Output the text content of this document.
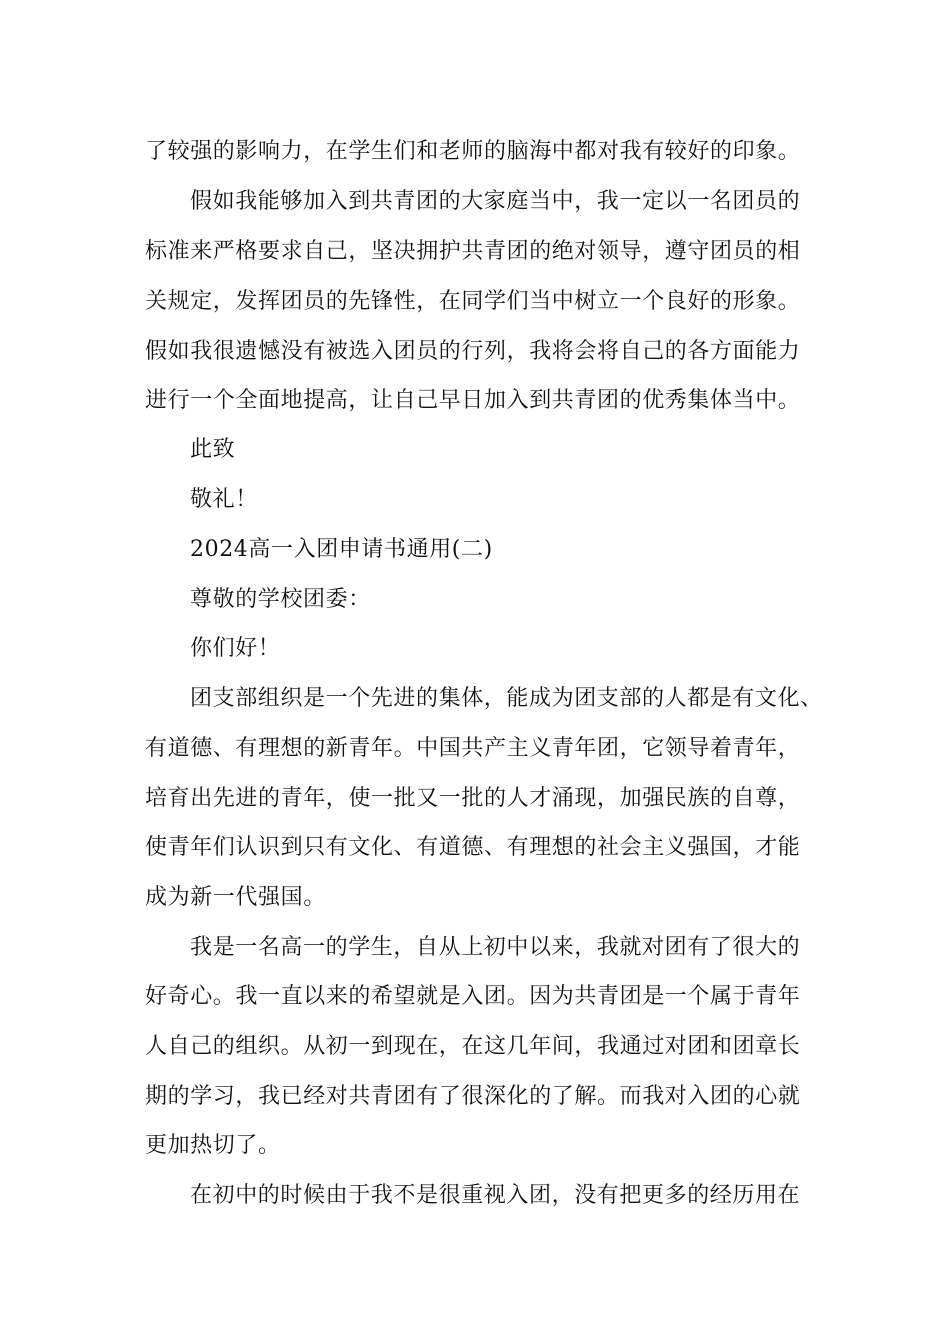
了较强的影响力，在学生们和老师的脑海中都对我有较好的印象。
假如我能够加入到共青团的大家庭当中，我一定以一名团员的
标准来严格要求自己，坚决拥护共青团的绝对领导，遵守团员的相
关规定，发挥团员的先锋性，在同学们当中树立一个良好的形象。
假如我很遗憾没有被选入团员的行列，我将会将自己的各方面能力
进行一个全面地提高，让自己早日加入到共青团的优秀集体当中。
此致
敬礼！
2024高一入团申请书通用(二)
尊敬的学校团委：
你们好！
团支部组织是一个先进的集体，能成为团支部的人都是有文化、
有道德、有理想的新青年。中国共产主义青年团，它领导着青年，
培育出先进的青年，使一批又一批的人才涌现，加强民族的自尊，
使青年们认识到只有文化、有道德、有理想的社会主义强国，才能
成为新一代强国。
我是一名高一的学生，自从上初中以来，我就对团有了很大的
好奇心。我一直以来的希望就是入团。因为共青团是一个属于青年
人自己的组织。从初一到现在，在这几年间，我通过对团和团章长
期的学习，我已经对共青团有了很深化的了解。而我对入团的心就
更加热切了。
在初中的时候由于我不是很重视入团，没有把更多的经历用在
